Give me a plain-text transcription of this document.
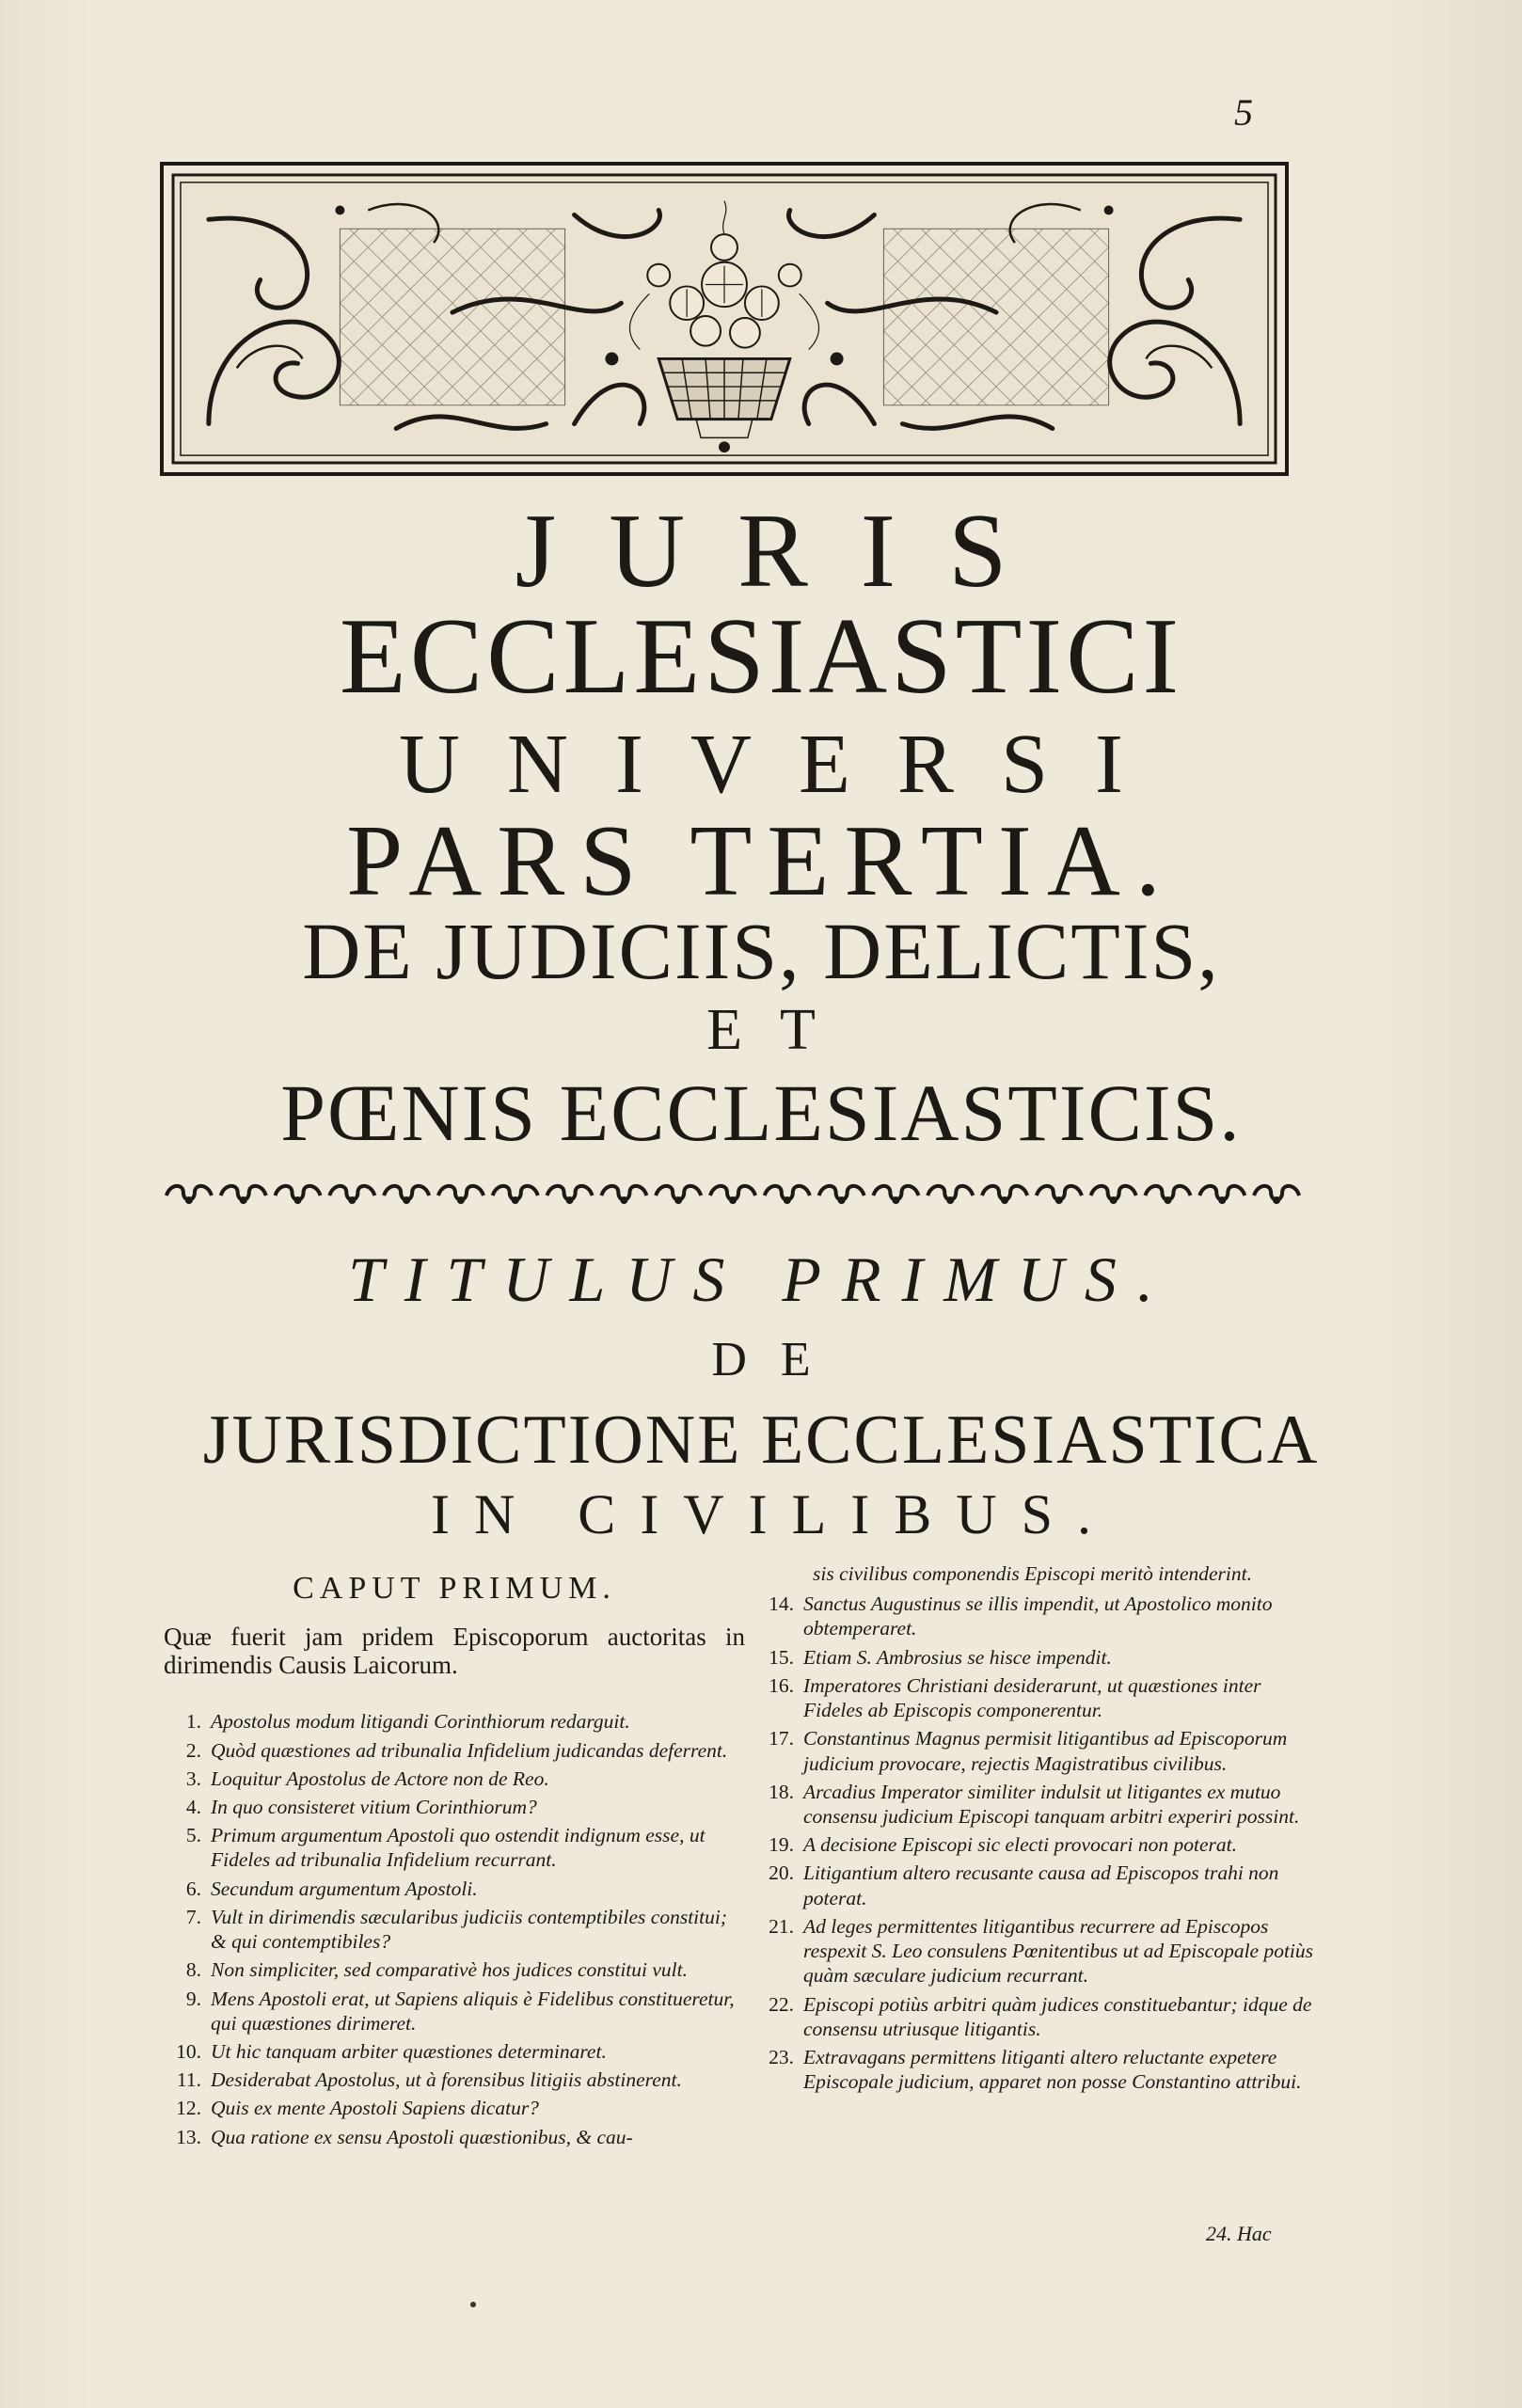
5
JURIS
ECCLESIASTICI
UNIVERSI
PARS TERTIA.
DE JUDICIIS, DELICTIS,
ET
PŒNIS ECCLESIASTICIS.
TITULUS PRIMUS.
DE
JURISDICTIONE ECCLESIASTICA
IN CIVILIBUS.
CAPUT PRIMUM.

Quæ fuerit jam pridem Episcoporum auctoritas in dirimendis Causis Laicorum.

1. Apostolus modum litigandi Corinthiorum redarguit.
2. Quòd quæstiones ad tribunalia Infidelium judicandas deferrent.
3. Loquitur Apostolus de Actore non de Reo.
4. In quo consisteret vitium Corinthiorum?
5. Primum argumentum Apostoli quo ostendit indignum esse, ut Fideles ad tribunalia Infidelium recurrant.
6. Secundum argumentum Apostoli.
7. Vult in dirimendis sæcularibus judiciis contemptibiles constitui; & qui contemptibiles?
8. Non simpliciter, sed comparativè hos judices constitui vult.
9. Mens Apostoli erat, ut Sapiens aliquis è Fidelibus constitueretur, qui quæstiones dirimeret.
10. Ut hic tanquam arbiter quæstiones determinaret.
11. Desiderabat Apostolus, ut à forensibus litigiis abstinerent.
12. Quis ex mente Apostoli Sapiens dicatur?
13. Qua ratione ex sensu Apostoli quæstionibus, & cau-
sis civilibus componendis Episcopi meritò intenderint.
14. Sanctus Augustinus se illis impendit, ut Apostolico monito obtemperaret.
15. Etiam S. Ambrosius se hisce impendit.
16. Imperatores Christiani desiderarunt, ut quæstiones inter Fideles ab Episcopis componerentur.
17. Constantinus Magnus permisit litigantibus ad Episcoporum judicium provocare, rejectis Magistratibus civilibus.
18. Arcadius Imperator similiter indulsit ut litigantes ex mutuo consensu judicium Episcopi tanquam arbitri experiri possint.
19. A decisione Episcopi sic electi provocari non poterat.
20. Litigantium altero recusante causa ad Episcopos trahi non poterat.
21. Ad leges permittentes litigantibus recurrere ad Episcopos respexit S. Leo consulens Pœnitentibus ut ad Episcopale potiùs quàm sæculare judicium recurrant.
22. Episcopi potiùs arbitri quàm judices constituebantur; idque de consensu utriusque litigantis.
23. Extravagans permittens litiganti altero reluctante expetere Episcopale judicium, apparet non posse Constantino attribui.
24. Hac
